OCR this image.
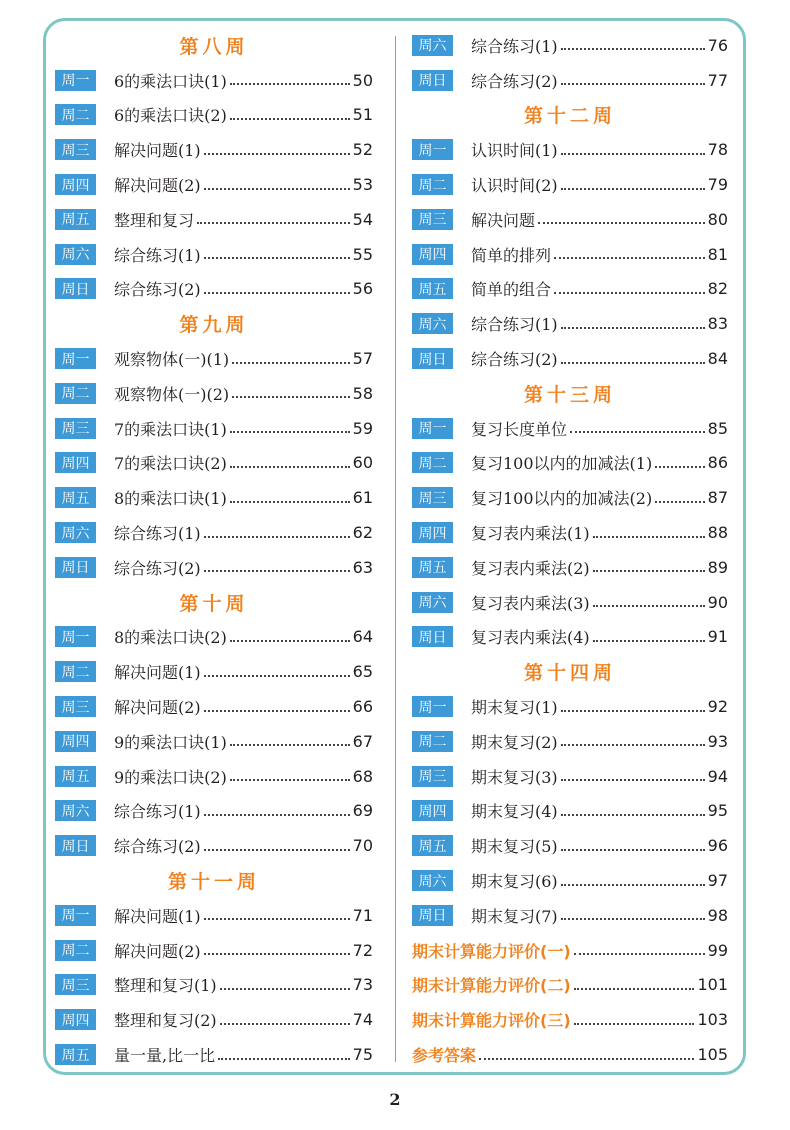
第八周
周一	6的乘法口诀(1)	50
周二	6的乘法口诀(2)	51
周三	解决问题(1)	52
周四	解决问题(2)	53
周五	整理和复习	54
周六	综合练习(1)	55
周日	综合练习(2)	56
第九周
周一	观察物体(一)(1)	57
周二	观察物体(一)(2)	58
周三	7的乘法口诀(1)	59
周四	7的乘法口诀(2)	60
周五	8的乘法口诀(1)	61
周六	综合练习(1)	62
周日	综合练习(2)	63
第十周
周一	8的乘法口诀(2)	64
周二	解决问题(1)	65
周三	解决问题(2)	66
周四	9的乘法口诀(1)	67
周五	9的乘法口诀(2)	68
周六	综合练习(1)	69
周日	综合练习(2)	70
第十一周
周一	解决问题(1)	71
周二	解决问题(2)	72
周三	整理和复习(1)	73
周四	整理和复习(2)	74
周五	量一量,比一比	75
周六	综合练习(1)	76
周日	综合练习(2)	77
第十二周
周一	认识时间(1)	78
周二	认识时间(2)	79
周三	解决问题	80
周四	简单的排列	81
周五	简单的组合	82
周六	综合练习(1)	83
周日	综合练习(2)	84
第十三周
周一	复习长度单位	85
周二	复习100以内的加减法(1)	86
周三	复习100以内的加减法(2)	87
周四	复习表内乘法(1)	88
周五	复习表内乘法(2)	89
周六	复习表内乘法(3)	90
周日	复习表内乘法(4)	91
第十四周
周一	期末复习(1)	92
周二	期末复习(2)	93
周三	期末复习(3)	94
周四	期末复习(4)	95
周五	期末复习(5)	96
周六	期末复习(6)	97
周日	期末复习(7)	98
期末计算能力评价(一)	99
期末计算能力评价(二)	101
期末计算能力评价(三)	103
参考答案	105
2
